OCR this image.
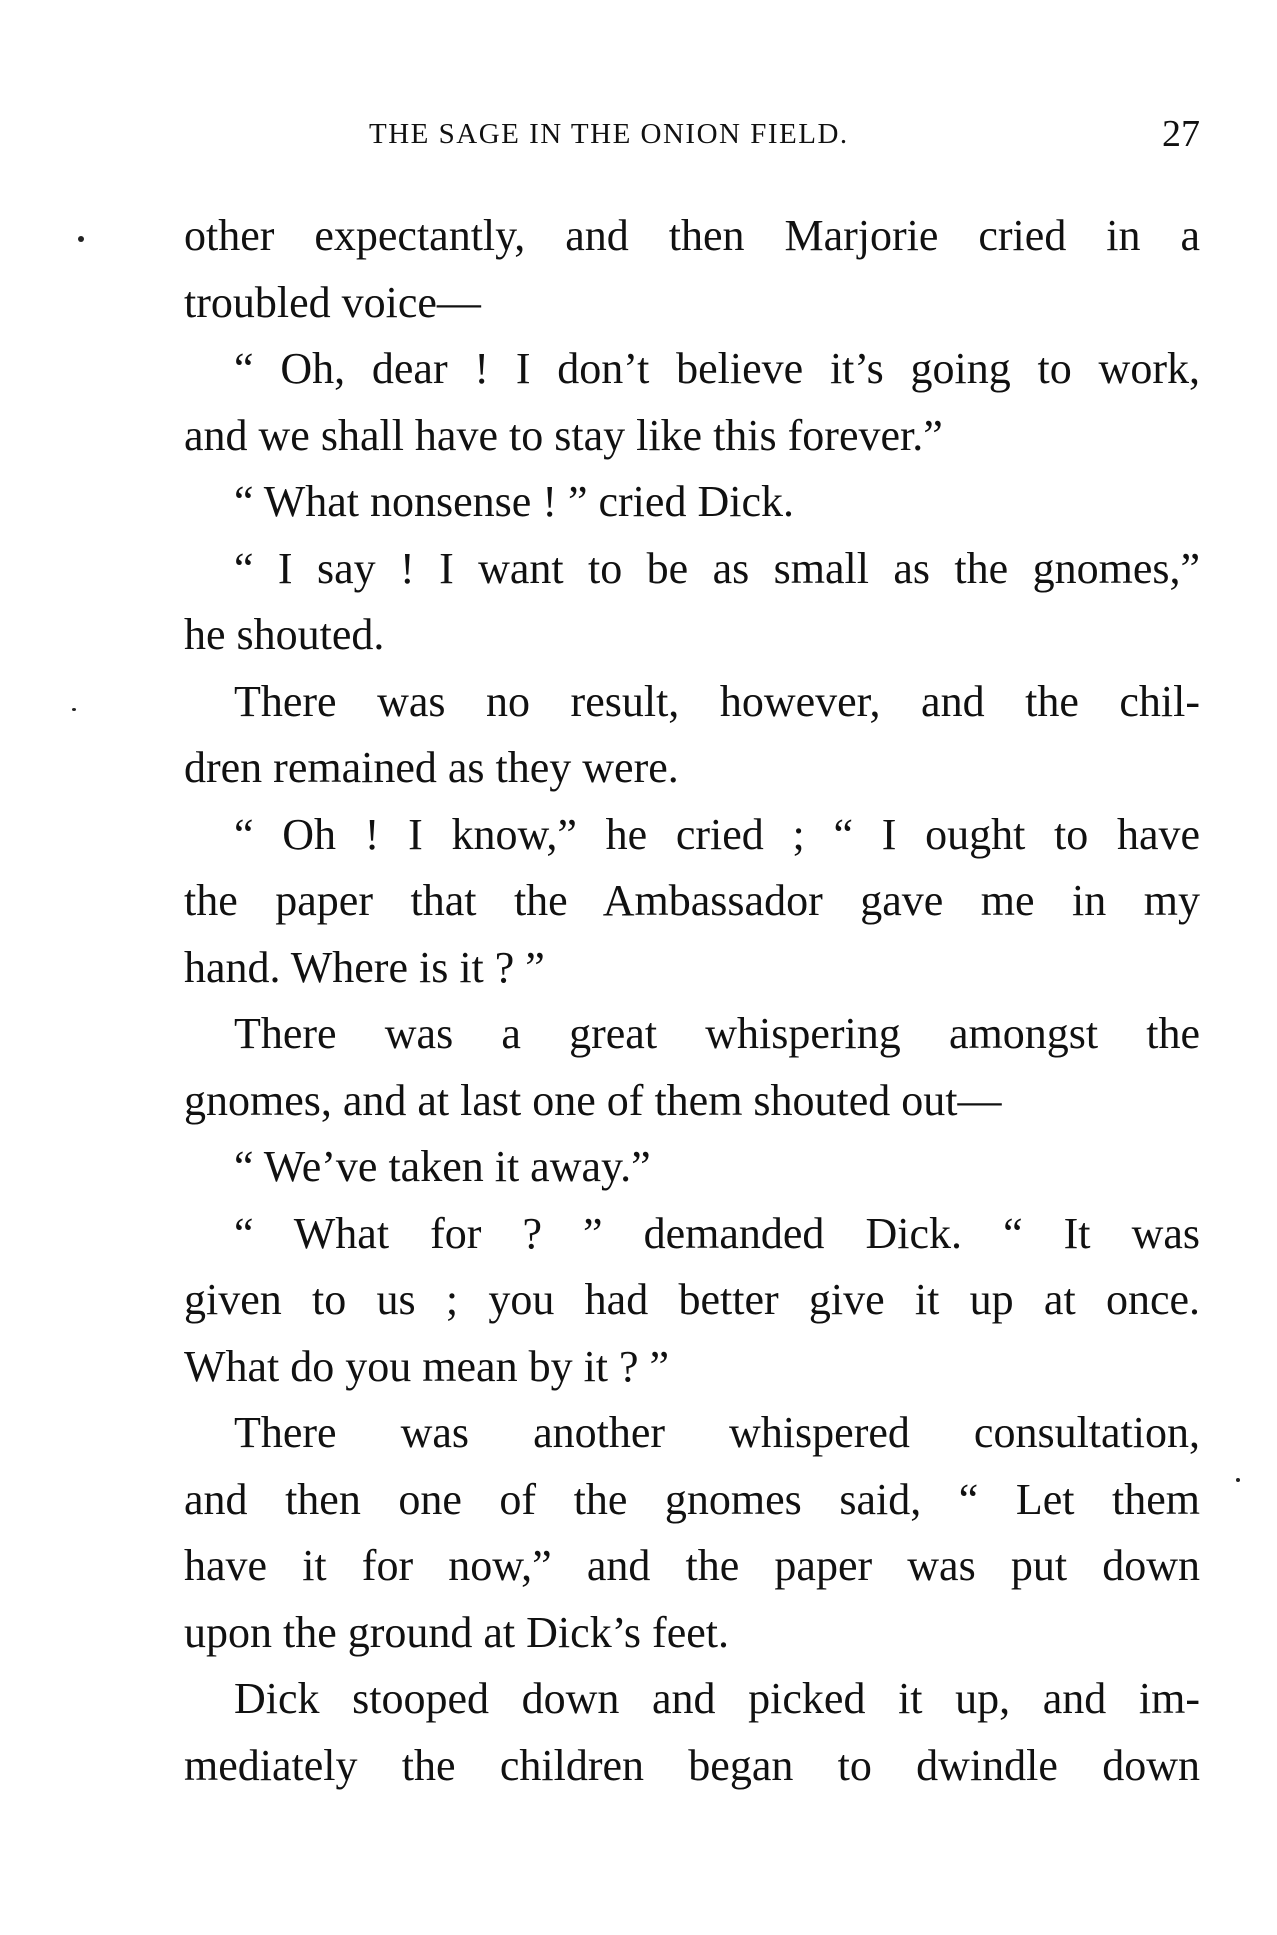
THE SAGE IN THE ONION FIELD.	27
other expectantly, and then Marjorie cried in a
troubled voice—
“ Oh, dear ! I don’t believe it’s going to work,
and we shall have to stay like this forever.”
“ What nonsense ! ” cried Dick.
“ I say ! I want to be as small as the gnomes,”
he shouted.
There was no result, however, and the chil-
dren remained as they were.
“ Oh ! I know,” he cried ; “ I ought to have
the paper that the Ambassador gave me in my
hand. Where is it ? ”
There was a great whispering amongst the
gnomes, and at last one of them shouted out—
“ We’ve taken it away.”
“ What for ? ” demanded Dick. “ It was
given to us ; you had better give it up at once.
What do you mean by it ? ”
There was another whispered consultation,
and then one of the gnomes said, “ Let them
have it for now,” and the paper was put down
upon the ground at Dick’s feet.
Dick stooped down and picked it up, and im-
mediately the children began to dwindle down
